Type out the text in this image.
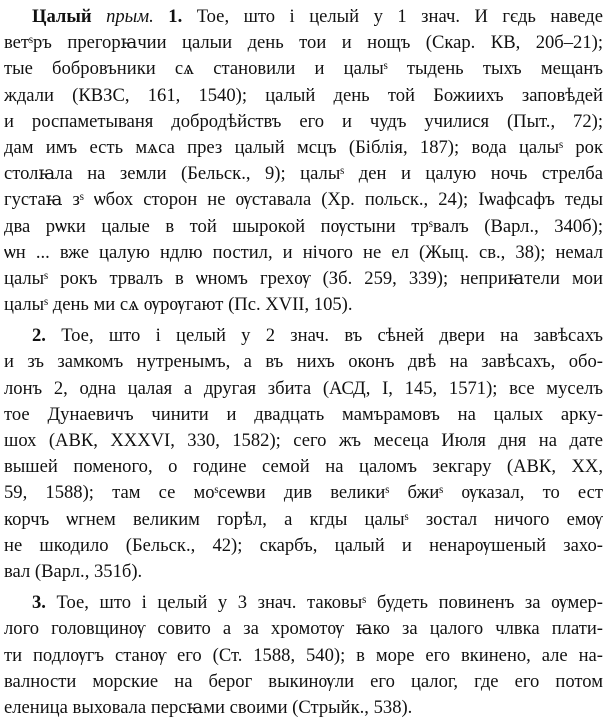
Цалый прым. 1. Тое, што і целый у 1 знач. И гєдь наведе
ветˢръ прегорꙗчии цалыи день тои и нощъ (Скар. КВ, 20б–21);
тые бобровъники сѧ становили и цалыˢ тыдень тыхъ мещанъ
ждали (КВЗС, 161, 1540); цалый день той Божиихъ заповѣдей
и роспаметываня добродѣйствъ его и чудъ училися (Пыт., 72);
дам имъ есть мѧса през цалый мсцъ (Біблія, 187); вода цалыˢ рок
столꙗла на земли (Бельск., 9); цалыˢ ден и цалую ночь стрелба
густаꙗ зˢ ѡбох сторон не ѹставала (Хр. польск., 24); Ιѡафсафъ теды
два рѡки цалые в той шырокой пѹстыни трˢвалъ (Варл., 340б);
ѡн ... вже цалую ндлю постил, и нічого не ел (Жыц. св., 38); немал
цалыˢ рокъ трвалъ в ѡномъ грехѹ (Зб. 259, 339); неприꙗтели мои
цалыˢ день ми сѧ ѹрѹгают (Пс. XVII, 105).
2. Тое, што і целый у 2 знач. въ сѣней двери на завѣсахъ
и зъ замкомъ нутренымъ, а въ нихъ оконъ двѣ на завѣсахъ, обо-
лонъ 2, одна цалая а другая збита (АСД, I, 145, 1571); все муселъ
тое Дунаевичъ чинити и двадцать мамърамовъ на цалых аркy-
шох (АВК, XXXVI, 330, 1582); сего жъ месеца Июля дня на дате
вышей поменого, о године семой на цаломъ зекгару (АВК, XX,
59, 1588); там се моˢсеѡви див великиˢ бжиˢ ѹказал, то ест
корчъ ѡгнем великим горѣл, а кгды цалыˢ зостал ничого емѹ
не шкодило (Бельск., 42); скарбъ, цалый и ненарѹшеный захо-
вал (Варл., 351б).
3. Тое, што і целый у 3 знач. таковыˢ будеть повиненъ за ѹмер-
лого головщинѹ совито а за хромотѹ ꙗко за цалого члвка плати-
ти подлѹгъ станѹ его (Ст. 1588, 540); в море его вкинено, але на-
валности морские на берог выкинѹли его цалог, где его потом
еленица выховала персꙗми своими (Стрыйк., 538).
